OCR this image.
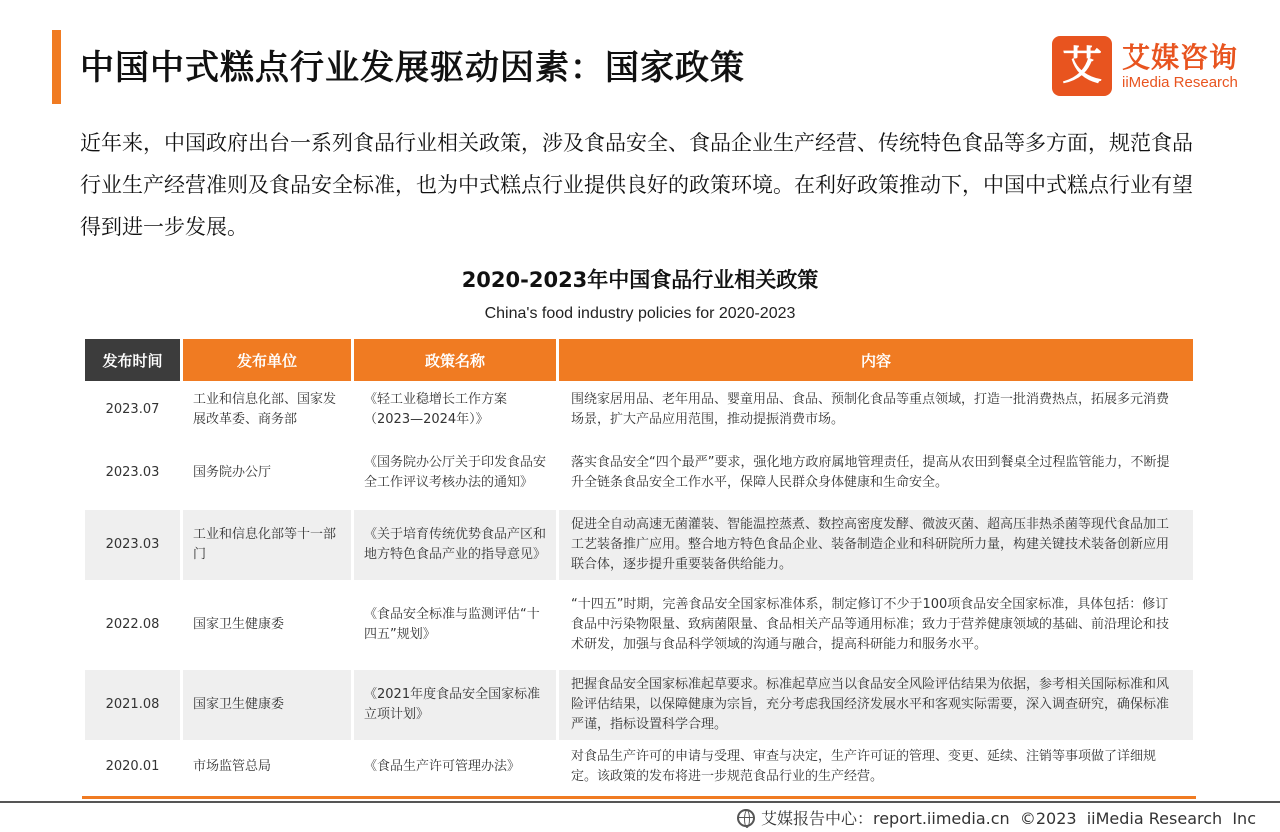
中国中式糕点行业发展驱动因素：国家政策	艾 艾媒咨询
iiMedia Research

近年来，中国政府出台一系列食品行业相关政策，涉及食品安全、食品企业生产经营、传统特色食品等多方面，规范食品行业生产经营准则及食品安全标准，也为中式糕点行业提供良好的政策环境。在利好政策推动下，中国中式糕点行业有望得到进一步发展。

2020-2023年中国食品行业相关政策
China's food industry policies for 2020-2023
发布时间	发布单位	政策名称	内容
2023.07	工业和信息化部、国家发展改革委、商务部	《轻工业稳增长工作方案（2023—2024年）》	围绕家居用品、老年用品、婴童用品、食品、预制化食品等重点领域，打造一批消费热点，拓展多元消费场景，扩大产品应用范围，推动提振消费市场。
2023.03	国务院办公厅	《国务院办公厅关于印发食品安全工作评议考核办法的通知》	落实食品安全“四个最严”要求，强化地方政府属地管理责任，提高从农田到餐桌全过程监管能力，不断提升全链条食品安全工作水平，保障人民群众身体健康和生命安全。
2023.03	工业和信息化部等十一部门	《关于培育传统优势食品产区和地方特色食品产业的指导意见》	促进全自动高速无菌灌装、智能温控蒸煮、数控高密度发酵、微波灭菌、超高压非热杀菌等现代食品加工工艺装备推广应用。整合地方特色食品企业、装备制造企业和科研院所力量，构建关键技术装备创新应用联合体，逐步提升重要装备供给能力。
2022.08	国家卫生健康委	《食品安全标准与监测评估“十四五”规划》	“十四五”时期，完善食品安全国家标准体系，制定修订不少于100项食品安全国家标准，具体包括：修订食品中污染物限量、致病菌限量、食品相关产品等通用标准；致力于营养健康领域的基础、前沿理论和技术研发，加强与食品科学领域的沟通与融合，提高科研能力和服务水平。
2021.08	国家卫生健康委	《2021年度食品安全国家标准立项计划》	把握食品安全国家标准起草要求。标准起草应当以食品安全风险评估结果为依据，参考相关国际标准和风险评估结果，以保障健康为宗旨，充分考虑我国经济发展水平和客观实际需要，深入调查研究，确保标准严谨，指标设置科学合理。
2020.01	市场监管总局	《食品生产许可管理办法》	对食品生产许可的申请与受理、审查与决定，生产许可证的管理、变更、延续、注销等事项做了详细规定。该政策的发布将进一步规范食品行业的生产经营。
艾媒报告中心：report.iimedia.cn  ©2023  iiMedia Research  Inc
